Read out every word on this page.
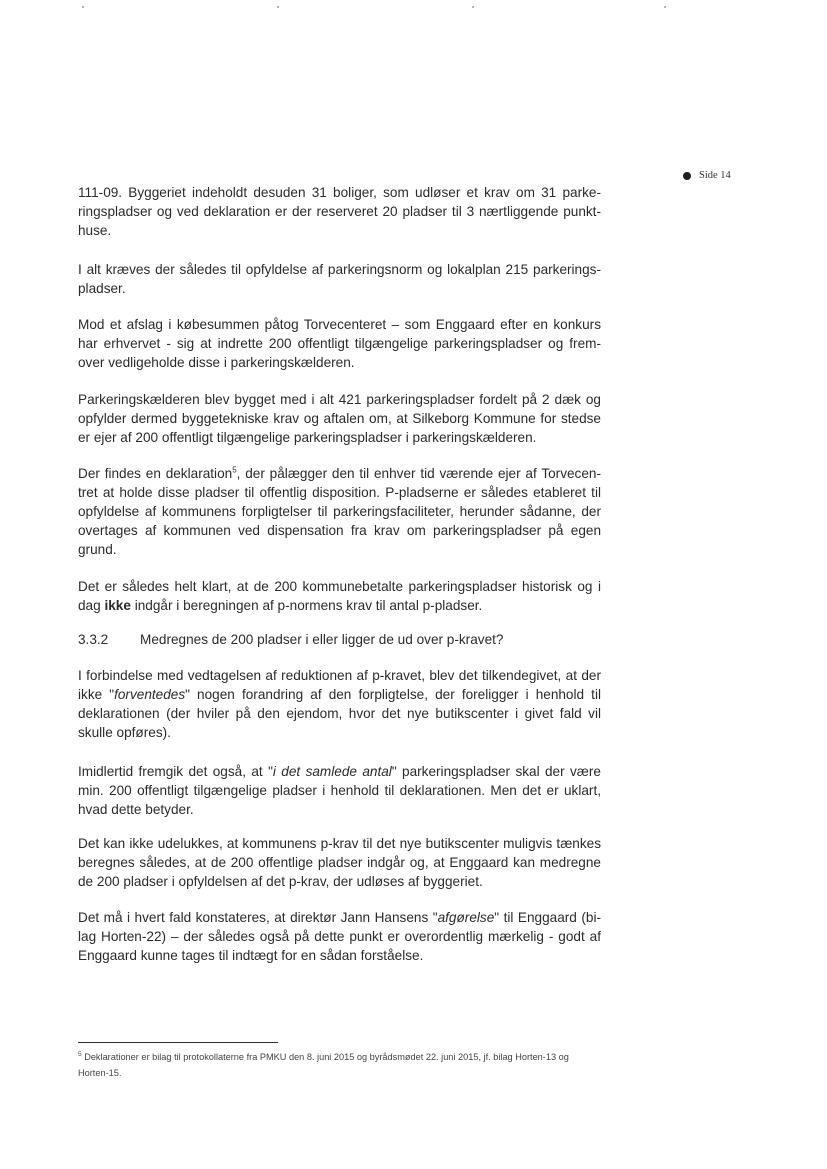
Side 14

111-09. Byggeriet indeholdt desuden 31 boliger, som udløser et krav om 31 parke-ringspladser og ved deklaration er der reserveret 20 pladser til 3 nærtliggende punkt-huse.

I alt kræves der således til opfyldelse af parkeringsnorm og lokalplan 215 parkerings-pladser.

Mod et afslag i købesummen påtog Torvecenteret – som Enggaard efter en konkurs har erhvervet - sig at indrette 200 offentligt tilgængelige parkeringspladser og frem-over vedligeholde disse i parkeringskælderen.

Parkeringskælderen blev bygget med i alt 421 parkeringspladser fordelt på 2 dæk og opfylder dermed byggetekniske krav og aftalen om, at Silkeborg Kommune for stedse er ejer af 200 offentligt tilgængelige parkeringspladser i parkeringskælderen.

Der findes en deklaration$^5$, der pålægger den til enhver tid værende ejer af Torvecen-tret at holde disse pladser til offentlig disposition. P-pladserne er således etableret til opfyldelse af kommunens forpligtelser til parkeringsfaciliteter, herunder sådanne, der overtages af kommunen ved dispensation fra krav om parkeringspladser på egen grund.

Det er således helt klart, at de 200 kommunebetalte parkeringspladser historisk og i dag ikke indgår i beregningen af p-normens krav til antal p-pladser.

3.3.2 Medregnes de 200 pladser i eller ligger de ud over p-kravet?

I forbindelse med vedtagelsen af reduktionen af p-kravet, blev det tilkendegivet, at der ikke "forventedes" nogen forandring af den forpligtelse, der foreligger i henhold til deklarationen (der hviler på den ejendom, hvor det nye butikscenter i givet fald vil skulle opføres).

Imidlertid fremgik det også, at "i det samlede antal" parkeringspladser skal der være min. 200 offentligt tilgængelige pladser i henhold til deklarationen. Men det er uklart, hvad dette betyder.

Det kan ikke udelukkes, at kommunens p-krav til det nye butikscenter muligvis tænkes beregnes således, at de 200 offentlige pladser indgår og, at Enggaard kan medregne de 200 pladser i opfyldelsen af det p-krav, der udløses af byggeriet.

Det må i hvert fald konstateres, at direktør Jann Hansens "afgørelse" til Enggaard (bi-lag Horten-22) – der således også på dette punkt er overordentlig mærkelig - godt af Enggaard kunne tages til indtægt for en sådan forståelse.

$^5$ Deklarationer er bilag til protokollaterne fra PMKU den 8. juni 2015 og byrådsmødet 22. juni 2015, jf. bilag Horten-13 og Horten-15.
